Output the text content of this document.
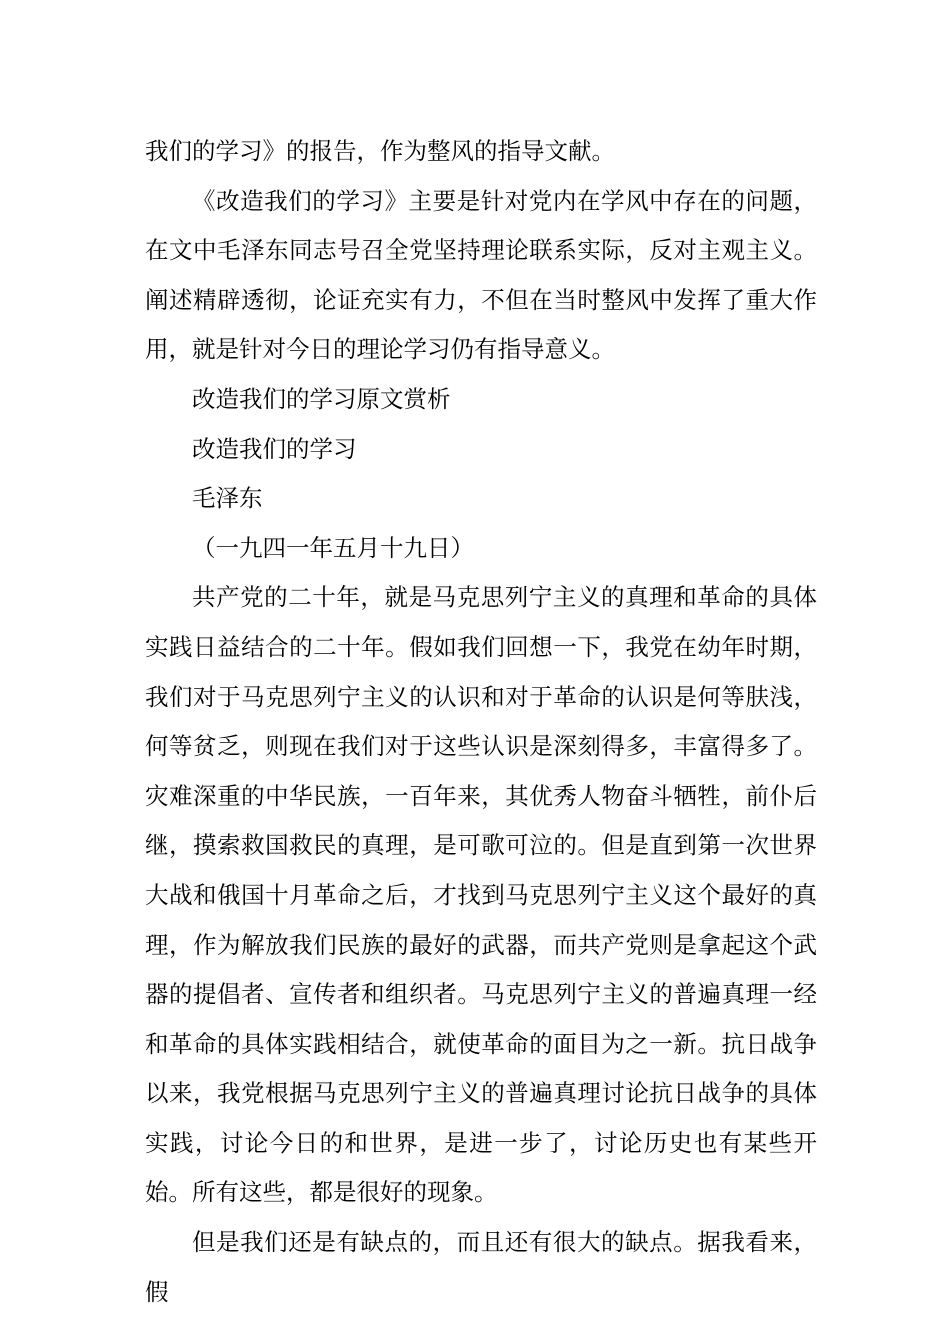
我们的学习》的报告，作为整风的指导文献。

《改造我们的学习》主要是针对党内在学风中存在的问题，在文中毛泽东同志号召全党坚持理论联系实际，反对主观主义。阐述精辟透彻，论证充实有力，不但在当时整风中发挥了重大作用，就是针对今日的理论学习仍有指导意义。

改造我们的学习原文赏析

改造我们的学习

毛泽东

（一九四一年五月十九日）

共产党的二十年，就是马克思列宁主义的真理和革命的具体实践日益结合的二十年。假如我们回想一下，我党在幼年时期，我们对于马克思列宁主义的认识和对于革命的认识是何等肤浅，何等贫乏，则现在我们对于这些认识是深刻得多，丰富得多了。灾难深重的中华民族，一百年来，其优秀人物奋斗牺牲，前仆后继，摸索救国救民的真理，是可歌可泣的。但是直到第一次世界大战和俄国十月革命之后，才找到马克思列宁主义这个最好的真理，作为解放我们民族的最好的武器，而共产党则是拿起这个武器的提倡者、宣传者和组织者。马克思列宁主义的普遍真理一经和革命的具体实践相结合，就使革命的面目为之一新。抗日战争以来，我党根据马克思列宁主义的普遍真理讨论抗日战争的具体实践，讨论今日的和世界，是进一步了，讨论历史也有某些开始。所有这些，都是很好的现象。

但是我们还是有缺点的，而且还有很大的缺点。据我看来，假
